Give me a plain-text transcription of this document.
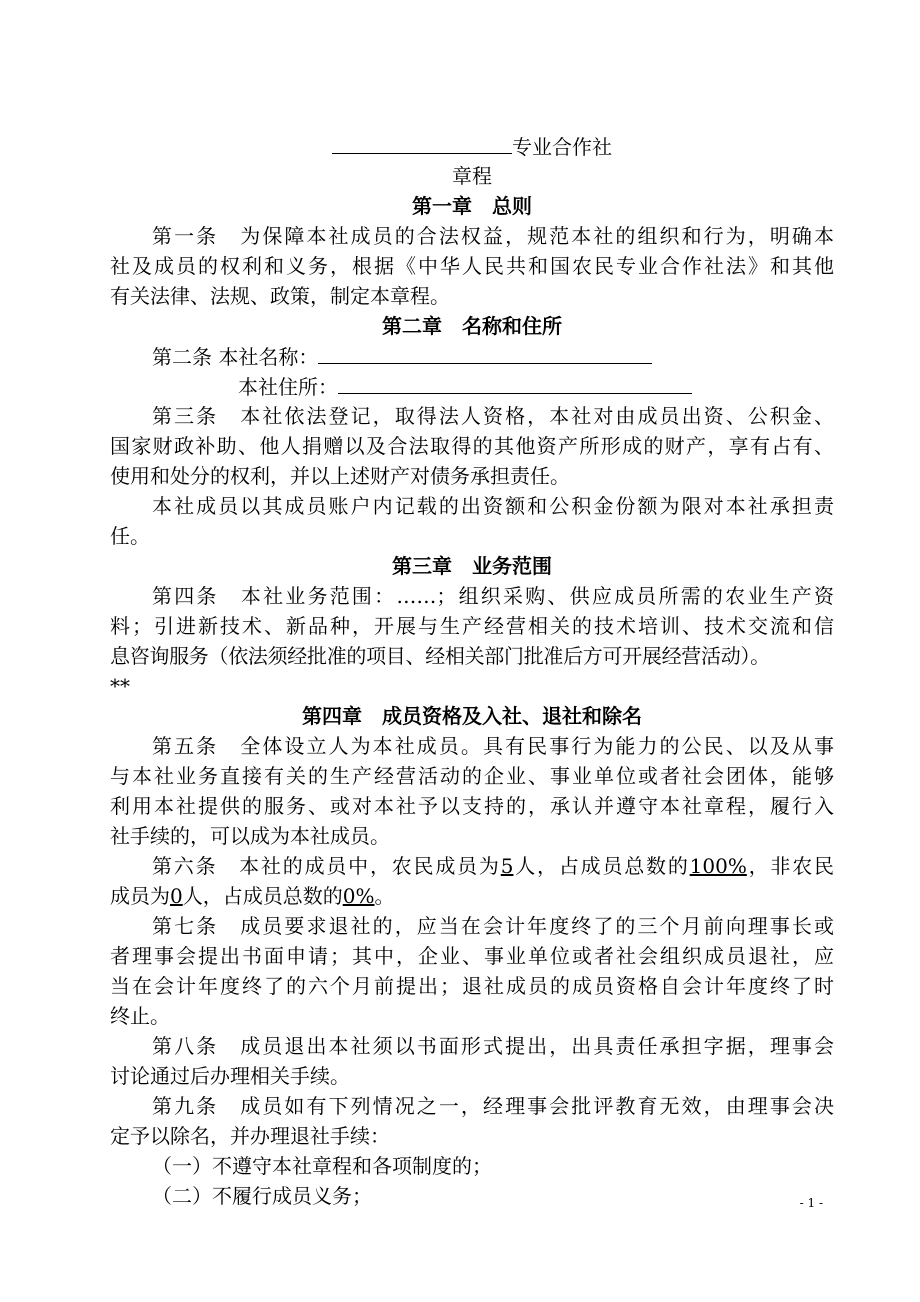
专业合作社
章程
第一章　总则
第一条　为保障本社成员的合法权益，规范本社的组织和行为，明确本
社及成员的权利和义务，根据《中华人民共和国农民专业合作社法》和其他
有关法律、法规、政策，制定本章程。
第二章　名称和住所
第二条 本社名称：
本社住所：
第三条　本社依法登记，取得法人资格，本社对由成员出资、公积金、
国家财政补助、他人捐赠以及合法取得的其他资产所形成的财产，享有占有、
使用和处分的权利，并以上述财产对债务承担责任。
本社成员以其成员账户内记载的出资额和公积金份额为限对本社承担责
任。
第三章　业务范围
第四条　本社业务范围：……；组织采购、供应成员所需的农业生产资
料；引进新技术、新品种，开展与生产经营相关的技术培训、技术交流和信
息咨询服务（依法须经批准的项目、经相关部门批准后方可开展经营活动）。
**
第四章　成员资格及入社、退社和除名
第五条　全体设立人为本社成员。具有民事行为能力的公民、以及从事
与本社业务直接有关的生产经营活动的企业、事业单位或者社会团体，能够
利用本社提供的服务、或对本社予以支持的，承认并遵守本社章程，履行入
社手续的，可以成为本社成员。
第六条　本社的成员中，农民成员为5人，占成员总数的100%，非农民
成员为0人，占成员总数的0%。
第七条　成员要求退社的，应当在会计年度终了的三个月前向理事长或
者理事会提出书面申请；其中，企业、事业单位或者社会组织成员退社，应
当在会计年度终了的六个月前提出；退社成员的成员资格自会计年度终了时
终止。
第八条　成员退出本社须以书面形式提出，出具责任承担字据，理事会
讨论通过后办理相关手续。
第九条　成员如有下列情况之一，经理事会批评教育无效，由理事会决
定予以除名，并办理退社手续：
（一）不遵守本社章程和各项制度的；
（二）不履行成员义务；	- 1 -
